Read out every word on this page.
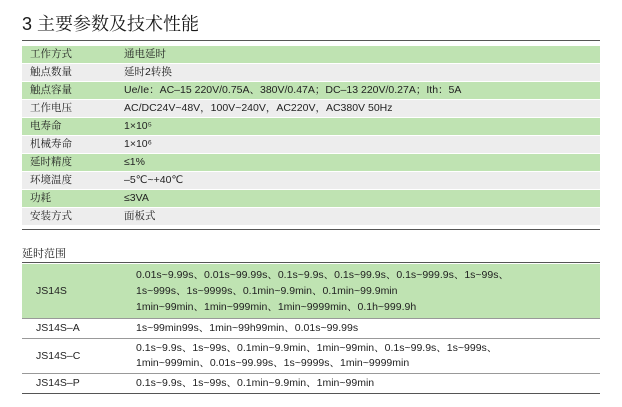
3 主要参数及技术性能
工作方式	通电延时
触点数量	延时2转换
触点容量	Ue/Ie：AC–15 220V/0.75A、380V/0.47A；DC–13 220V/0.27A；Ith：5A
工作电压	AC/DC24V~48V，100V~240V，AC220V，AC380V 50Hz
电寿命	1×10⁵
机械寿命	1×10⁶
延时精度	≤1%
环境温度	–5℃~+40℃
功耗	≤3VA
安装方式	面板式
延时范围
JS14S	0.01s~9.99s、0.01s~99.99s、0.1s~9.9s、0.1s~99.9s、0.1s~999.9s、1s~99s、
1s~999s、1s~9999s、0.1min~9.9min、0.1min~99.9min
1min~99min、1min~999min、1min~9999min、0.1h~999.9h

JS14S–A	1s~99min99s、1min~99h99min、0.01s~99.99s

JS14S–C	0.1s~9.9s、1s~99s、0.1min~9.9min、1min~99min、0.1s~99.9s、1s~999s、
1min~999min、0.01s~99.99s、1s~9999s、1min~9999min

JS14S–P	0.1s~9.9s、1s~99s、0.1min~9.9min、1min~99min
